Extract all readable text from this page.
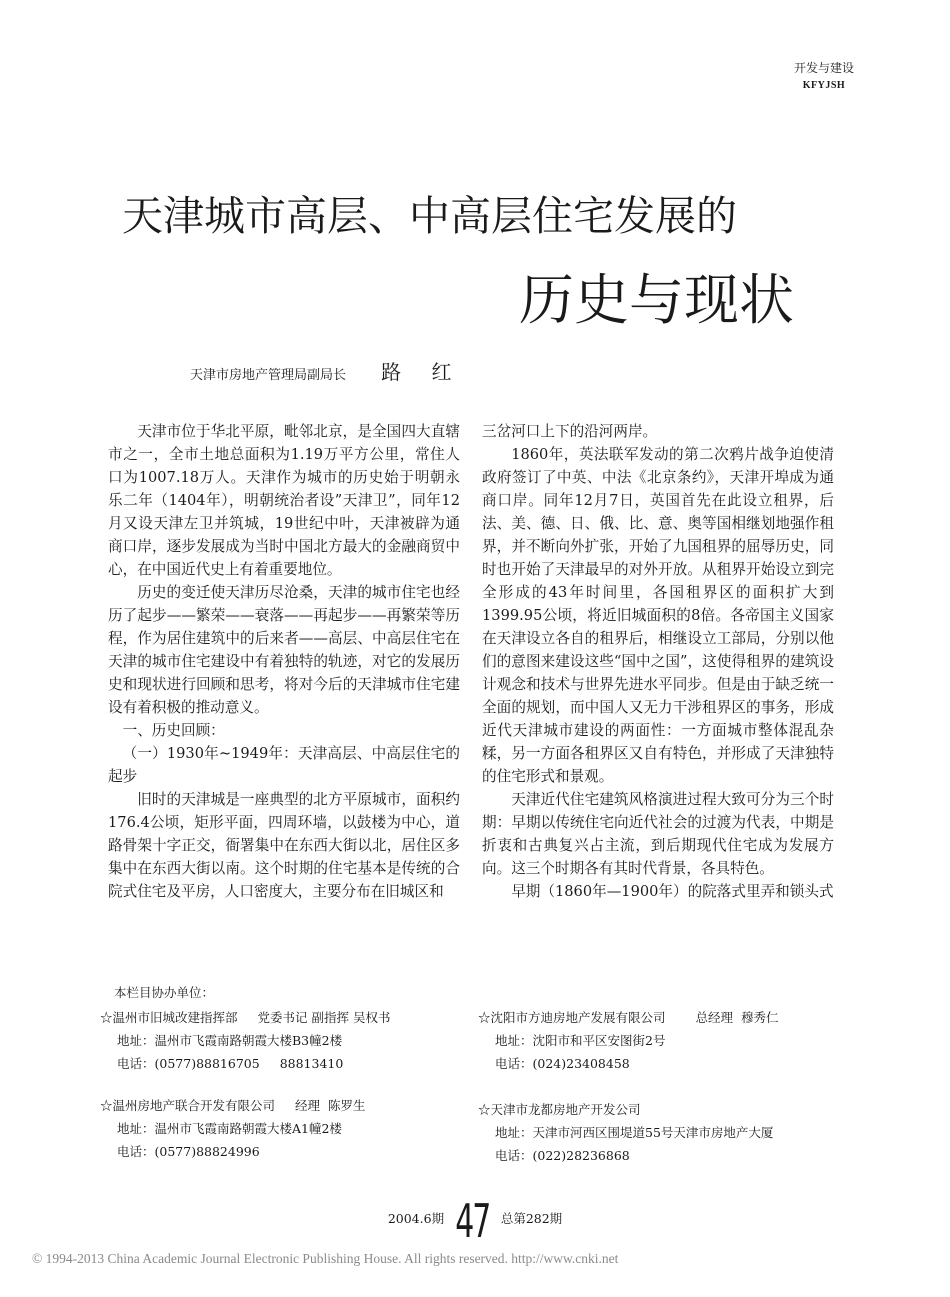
开发与建设
KFYJSH
天津城市高层、中高层住宅发展的
历史与现状
天津市房地产管理局副局长 路 红

天津市位于华北平原，毗邻北京，是全国四大直辖市之一，全市土地总面积为1.19万平方公里，常住人口为1007.18万人。天津作为城市的历史始于明朝永乐二年（1404年），明朝统治者设”天津卫”，同年12月又设天津左卫并筑城，19世纪中叶，天津被辟为通商口岸，逐步发展成为当时中国北方最大的金融商贸中心，在中国近代史上有着重要地位。

历史的变迁使天津历尽沧桑，天津的城市住宅也经历了起步——繁荣——衰落——再起步——再繁荣等历程，作为居住建筑中的后来者——高层、中高层住宅在天津的城市住宅建设中有着独特的轨迹，对它的发展历史和现状进行回顾和思考，将对今后的天津城市住宅建设有着积极的推动意义。

一、历史回顾：

（一）1930年~1949年：天津高层、中高层住宅的起步

旧时的天津城是一座典型的北方平原城市，面积约176.4公顷，矩形平面，四周环墙，以鼓楼为中心，道路骨架十字正交，衙署集中在东西大街以北，居住区多集中在东西大街以南。这个时期的住宅基本是传统的合院式住宅及平房，人口密度大，主要分布在旧城区和

三岔河口上下的沿河两岸。

1860年，英法联军发动的第二次鸦片战争迫使清政府签订了中英、中法《北京条约》，天津开埠成为通商口岸。同年12月7日，英国首先在此设立租界，后法、美、德、日、俄、比、意、奥等国相继划地强作租界，并不断向外扩张，开始了九国租界的屈辱历史，同时也开始了天津最早的对外开放。从租界开始设立到完全形成的43年时间里，各国租界区的面积扩大到1399.95公顷，将近旧城面积的8倍。各帝国主义国家在天津设立各自的租界后，相继设立工部局，分别以他们的意图来建设这些“国中之国”，这使得租界的建筑设计观念和技术与世界先进水平同步。但是由于缺乏统一全面的规划，而中国人又无力干涉租界区的事务，形成近代天津城市建设的两面性：一方面城市整体混乱杂糅，另一方面各租界区又自有特色，并形成了天津独特的住宅形式和景观。

天津近代住宅建筑风格演进过程大致可分为三个时期：早期以传统住宅向近代社会的过渡为代表，中期是折衷和古典复兴占主流，到后期现代住宅成为发展方向。这三个时期各有其时代背景，各具特色。

早期（1860年—1900年）的院落式里弄和锁头式

本栏目协办单位：
☆温州市旧城改建指挥部 党委书记 副指挥 吴权书
地址：温州市飞霞南路朝霞大楼B3幢2楼
电话：(0577)88816705 88813410
☆沈阳市方迪房地产发展有限公司 总经理 穆秀仁
地址：沈阳市和平区安图街2号
电话：(024)23408458
☆温州房地产联合开发有限公司 经理 陈罗生
地址：温州市飞霞南路朝霞大楼A1幢2楼
电话：(0577)88824996
☆天津市龙都房地产开发公司
地址：天津市河西区围堤道55号天津市房地产大厦
电话：(022)28236868
$^{2004.6期}$ 47 $^{总第282期}$
© 1994-2013 China Academic Journal Electronic Publishing House. All rights reserved. http://www.cnki.net
